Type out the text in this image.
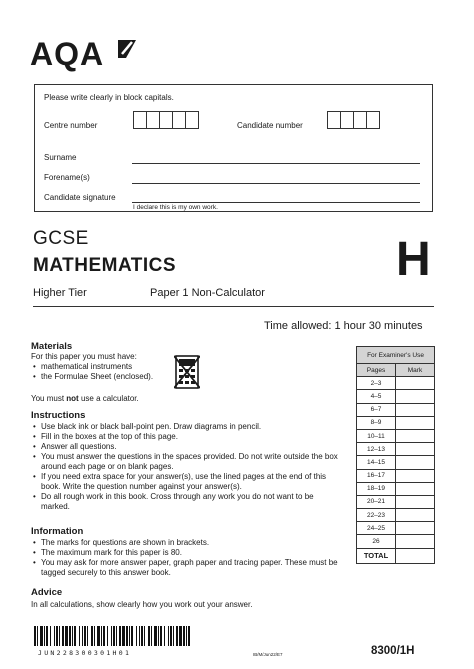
AQA
Please write clearly in block capitals.
Centre number	Candidate number
Surname
Forename(s)
Candidate signature
I declare this is my own work.
GCSE
MATHEMATICS	H
Higher Tier	Paper 1 Non-Calculator
Time allowed: 1 hour 30 minutes
Materials
For this paper you must have:
• mathematical instruments
• the Formulae Sheet (enclosed).
You must not use a calculator.
Instructions
• Use black ink or black ball-point pen. Draw diagrams in pencil.
• Fill in the boxes at the top of this page.
• Answer all questions.
• You must answer the questions in the spaces provided. Do not write outside the box around each page or on blank pages.
• If you need extra space for your answer(s), use the lined pages at the end of this book. Write the question number against your answer(s).
• Do all rough work in this book. Cross through any work you do not want to be marked.
Information
• The marks for questions are shown in brackets.
• The maximum mark for this paper is 80.
• You may ask for more answer paper, graph paper and tracing paper. These must be tagged securely to this answer book.
Advice
In all calculations, show clearly how you work out your answer.
For Examiner's Use	
Pages	Mark
2–3	
4–5	
6–7	
8–9	
10–11	
12–13	
14–15	
16–17	
18–19	
20–21	
22–23	
24–25	
26	
TOTAL	
JUN228300301H01	IB/M/Jun22/E7	8300/1H
